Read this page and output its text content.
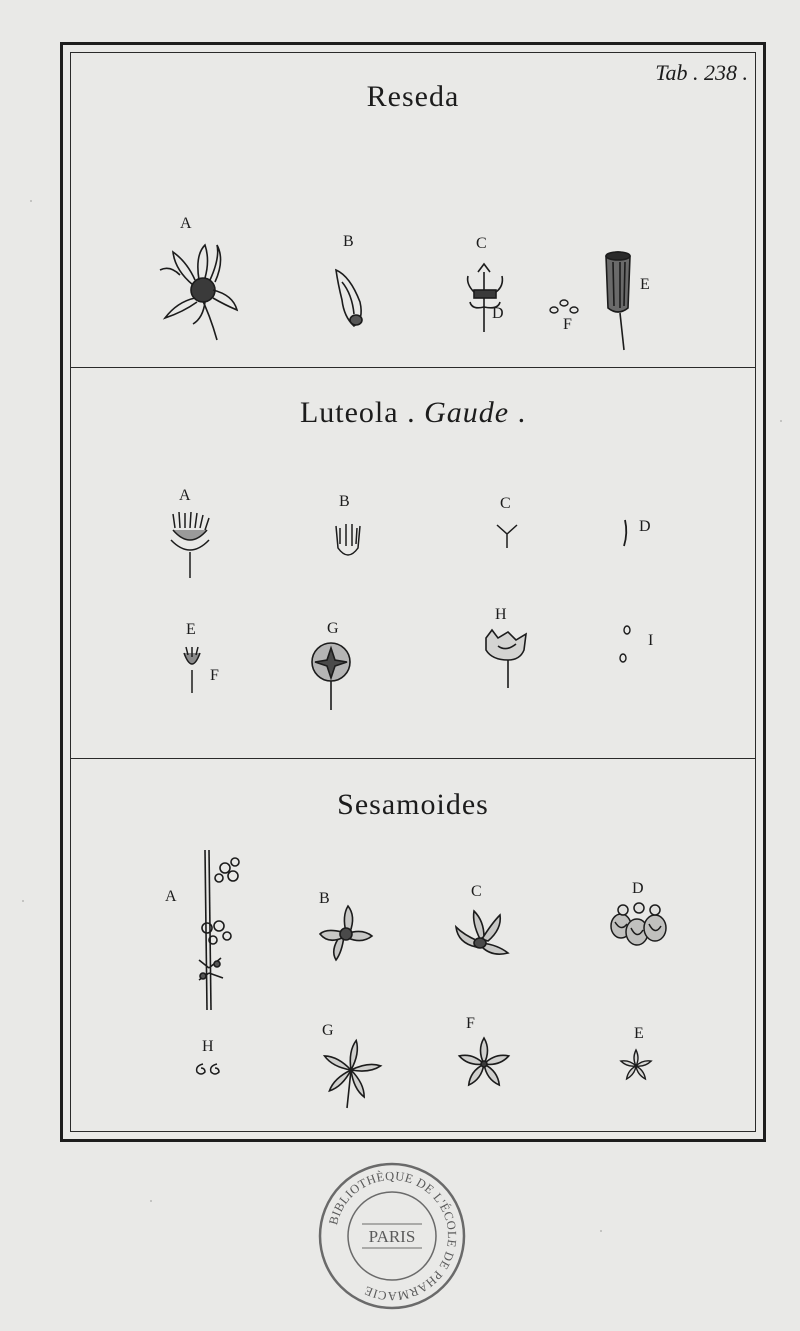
Tab . 238 .
Reseda
A
B	C
D
F
E
Luteola . Gaude .
A	B	C
D
E
F
G
H
I
Sesamoides
A	B	C	D
H
G	F
E
BIBLIOTHÈQUE DE L'ÉCOLE DE PHARMACIE
PARIS
